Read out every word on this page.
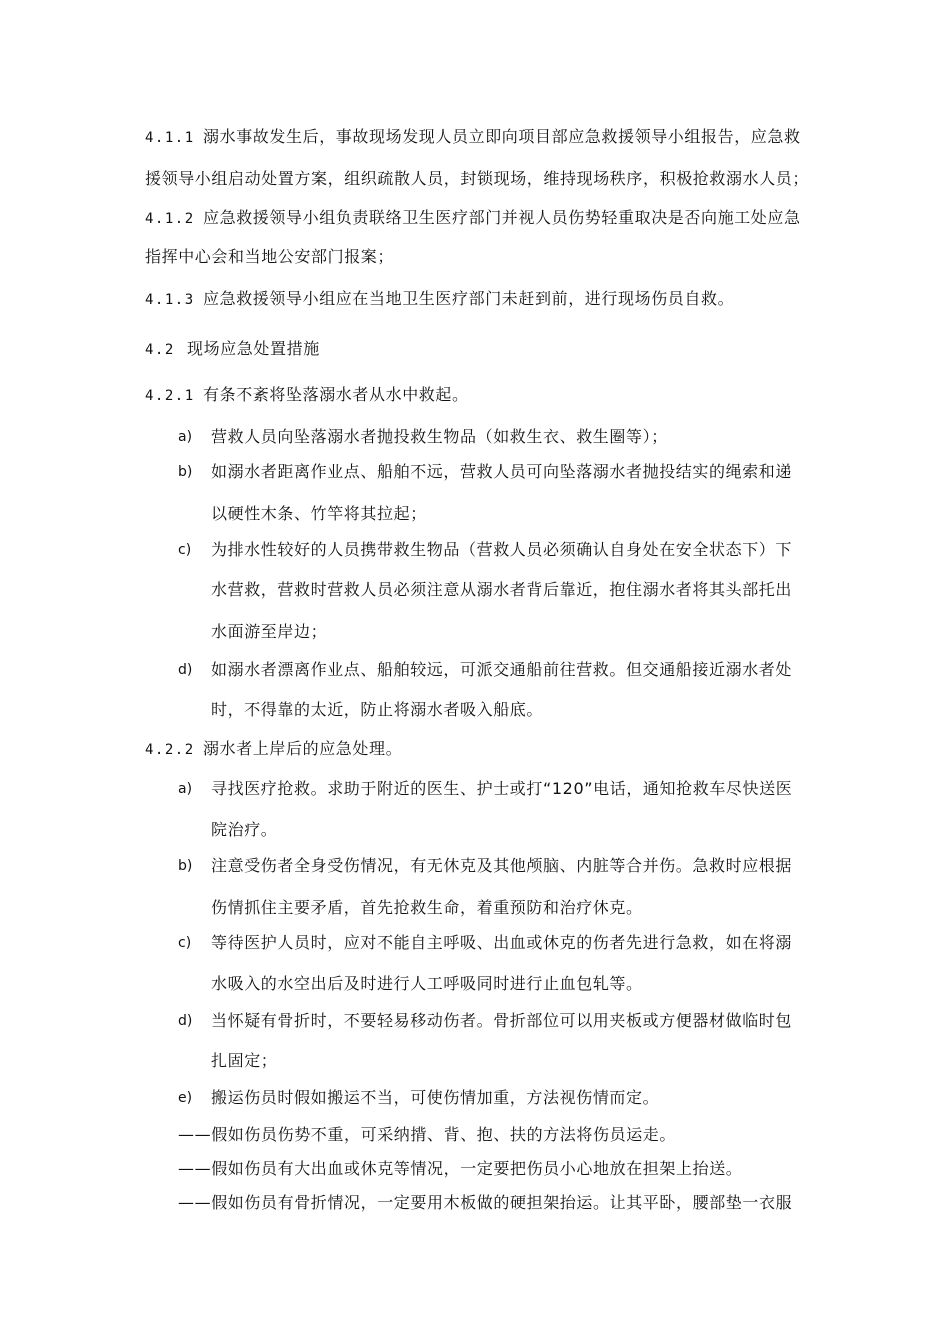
4.1.1 溺水事故发生后，事故现场发现人员立即向项目部应急救援领导小组报告，应急救
援领导小组启动处置方案，组织疏散人员，封锁现场，维持现场秩序，积极抢救溺水人员；
4.1.2 应急救援领导小组负责联络卫生医疗部门并视人员伤势轻重取决是否向施工处应急
指挥中心会和当地公安部门报案；
4.1.3 应急救援领导小组应在当地卫生医疗部门未赶到前，进行现场伤员自救。
4.2 现场应急处置措施
4.2.1 有条不紊将坠落溺水者从水中救起。
a) 营救人员向坠落溺水者抛投救生物品（如救生衣、救生圈等）；
b) 如溺水者距离作业点、船舶不远，营救人员可向坠落溺水者抛投结实的绳索和递
以硬性木条、竹竿将其拉起；
c) 为排水性较好的人员携带救生物品（营救人员必须确认自身处在安全状态下）下
水营救，营救时营救人员必须注意从溺水者背后靠近，抱住溺水者将其头部托出
水面游至岸边；
d) 如溺水者漂离作业点、船舶较远，可派交通船前往营救。但交通船接近溺水者处
时，不得靠的太近，防止将溺水者吸入船底。
4.2.2 溺水者上岸后的应急处理。
a) 寻找医疗抢救。求助于附近的医生、护士或打“120”电话，通知抢救车尽快送医
院治疗。
b) 注意受伤者全身受伤情况，有无休克及其他颅脑、内脏等合并伤。急救时应根据
伤情抓住主要矛盾，首先抢救生命，着重预防和治疗休克。
c) 等待医护人员时，应对不能自主呼吸、出血或休克的伤者先进行急救，如在将溺
水吸入的水空出后及时进行人工呼吸同时进行止血包轧等。
d) 当怀疑有骨折时，不要轻易移动伤者。骨折部位可以用夹板或方便器材做临时包
扎固定；
e) 搬运伤员时假如搬运不当，可使伤情加重，方法视伤情而定。
——假如伤员伤势不重，可采纳揹、背、抱、扶的方法将伤员运走。
——假如伤员有大出血或休克等情况，一定要把伤员小心地放在担架上抬送。
——假如伤员有骨折情况，一定要用木板做的硬担架抬运。让其平卧，腰部垫一衣服
